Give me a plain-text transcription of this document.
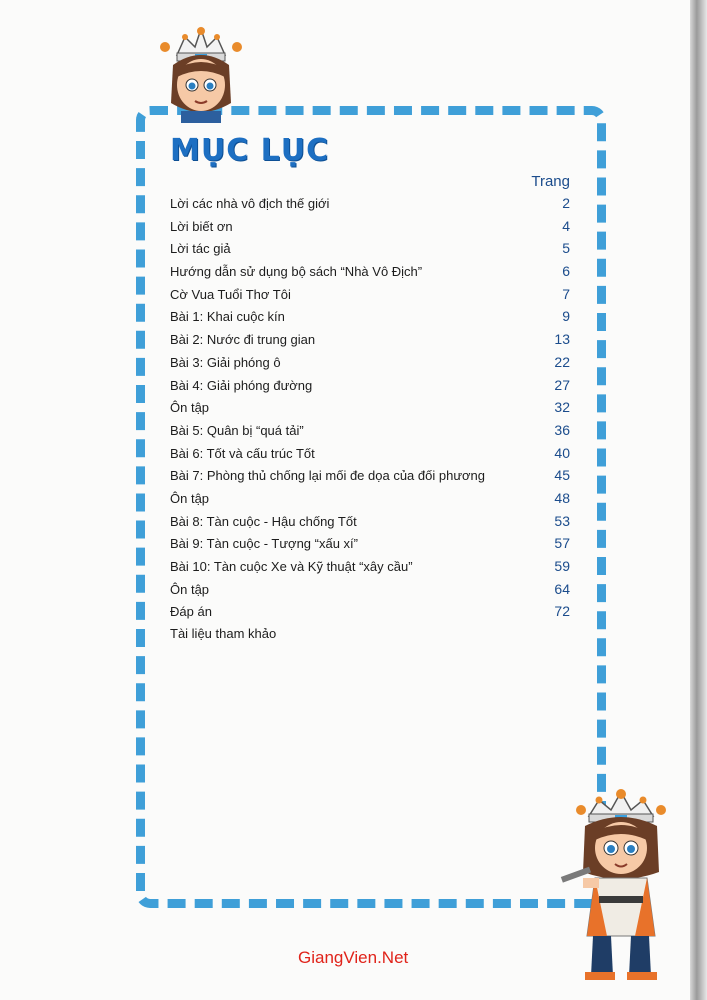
MỤC LỤC
Trang
Lời các nhà vô địch thế giới	2
Lời biết ơn	4
Lời tác giả	5
Hướng dẫn sử dụng bộ sách “Nhà Vô Địch”	6
Cờ Vua Tuổi Thơ Tôi	7
Bài 1: Khai cuộc kín	9
Bài 2: Nước đi trung gian	13
Bài 3: Giải phóng ô	22
Bài 4: Giải phóng đường	27
Ôn tập	32
Bài 5: Quân bị “quá tải”	36
Bài 6: Tốt và cấu trúc Tốt	40
Bài 7: Phòng thủ chống lại mối đe dọa của đối phương	45
Ôn tập	48
Bài 8: Tàn cuộc - Hậu chống Tốt	53
Bài 9: Tàn cuộc - Tượng “xấu xí”	57
Bài 10: Tàn cuộc Xe và Kỹ thuật “xây cầu”	59
Ôn tập	64
Đáp án	72
Tài liệu tham khảo
GiangVien.Net
